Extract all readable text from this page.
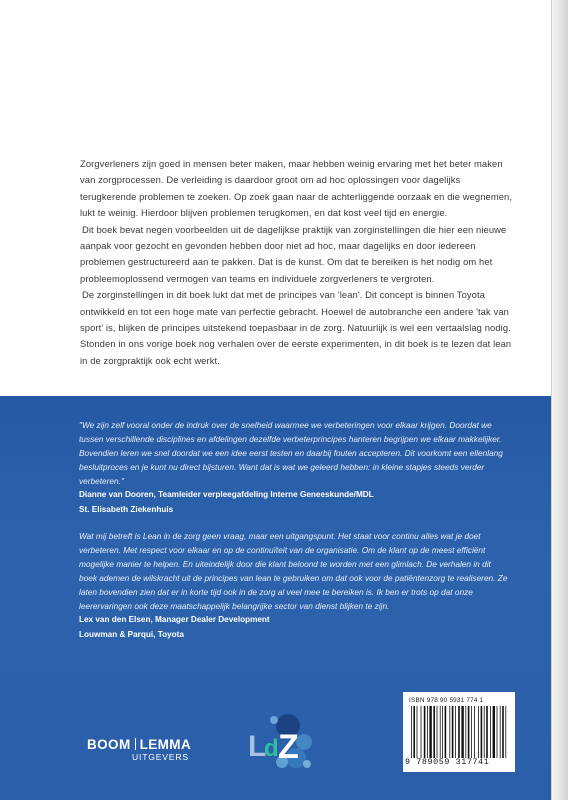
Zorgverleners zijn goed in mensen beter maken, maar hebben weinig ervaring met het beter maken van zorgprocessen. De verleiding is daardoor groot om ad hoc oplossingen voor dagelijks terugkerende problemen te zoeken. Op zoek gaan naar de achterliggende oorzaak en die wegnemen, lukt te weinig. Hierdoor blijven problemen terugkomen, en dat kost veel tijd en energie.

Dit boek bevat negen voorbeelden uit de dagelijkse praktijk van zorginstellingen die hier een nieuwe aanpak voor gezocht en gevonden hebben door niet ad hoc, maar dagelijks en door iedereen problemen gestructureerd aan te pakken. Dat is de kunst. Om dat te bereiken is het nodig om het probleemoplossend vermogen van teams en individuele zorgverleners te vergroten.

De zorginstellingen in dit boek lukt dat met de principes van 'lean'. Dit concept is binnen Toyota ontwikkeld en tot een hoge mate van perfectie gebracht. Hoewel de autobranche een andere 'tak van sport' is, blijken de principes uitstekend toepasbaar in de zorg. Natuurlijk is wel een vertaalslag nodig. Stonden in ons vorige boek nog verhalen over de eerste experimenten, in dit boek is te lezen dat lean in de zorgpraktijk ook echt werkt.

"We zijn zelf vooral onder de indruk over de snelheid waarmee we verbeteringen voor elkaar krijgen. Doordat we tussen verschillende disciplines en afdelingen dezelfde verbeterprincipes hanteren begrijpen we elkaar makkelijker. Bovendien leren we snel doordat we een idee eerst testen en daarbij fouten accepteren. Dit voorkomt een ellenlang besluitproces en je kunt nu direct bijsturen. Want dat is wat we geleerd hebben: in kleine stapjes steeds verder verbeteren."

Dianne van Dooren, Teamleider verpleegafdeling Interne Geneeskunde/MDL

St. Elisabeth Ziekenhuis

Wat mij betreft is Lean in de zorg geen vraag, maar een uitgangspunt. Het staat voor continu alles wat je doet verbeteren. Met respect voor elkaar en op de continuïteit van de organisatie. Om de klant op de meest efficiënt mogelijke manier te helpen. En uiteindelijk door die klant beloond te worden met een glimlach. De verhalen in dit boek ademen de wilskracht uit de principes van lean te gebruiken om dat ook voor de patiëntenzorg te realiseren. Ze laten bovendien zien dat er in korte tijd ook in de zorg al veel mee te bereiken is. Ik ben er trots op dat onze leerervaringen ook deze maatschappelijk belangrijke sector van dienst blijken te zijn.

Lex van den Elsen, Manager Dealer Development

Louwman & Parqui, Toyota

BOOM LEMMA
UITGEVERS L
d Z
ISBN 978 90 5931 774 1
9 789059 317741
